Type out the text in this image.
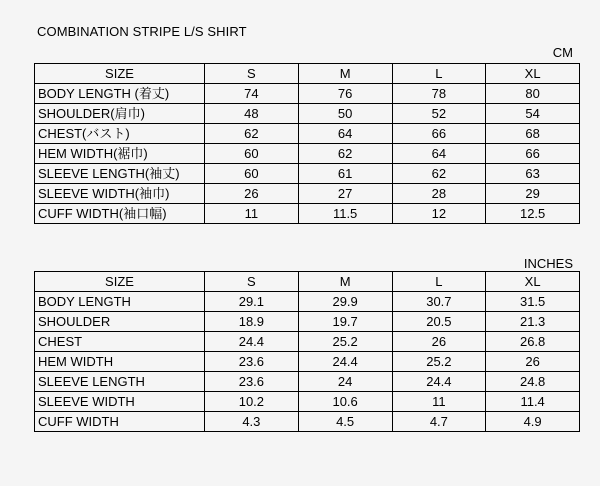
COMBINATION STRIPE L/S SHIRT
CM
SIZE	S	M	L	XL
BODY LENGTH (着丈)	74	76	78	80
SHOULDER(肩巾)	48	50	52	54
CHEST(バスト)	62	64	66	68
HEM WIDTH(裾巾)	60	62	64	66
SLEEVE LENGTH(袖丈)	60	61	62	63
SLEEVE WIDTH(袖巾)	26	27	28	29
CUFF WIDTH(袖口幅)	11	11.5	12	12.5
INCHES
SIZE	S	M	L	XL
BODY LENGTH	29.1	29.9	30.7	31.5
SHOULDER	18.9	19.7	20.5	21.3
CHEST	24.4	25.2	26	26.8
HEM WIDTH	23.6	24.4	25.2	26
SLEEVE LENGTH	23.6	24	24.4	24.8
SLEEVE WIDTH	10.2	10.6	11	11.4
CUFF WIDTH	4.3	4.5	4.7	4.9
